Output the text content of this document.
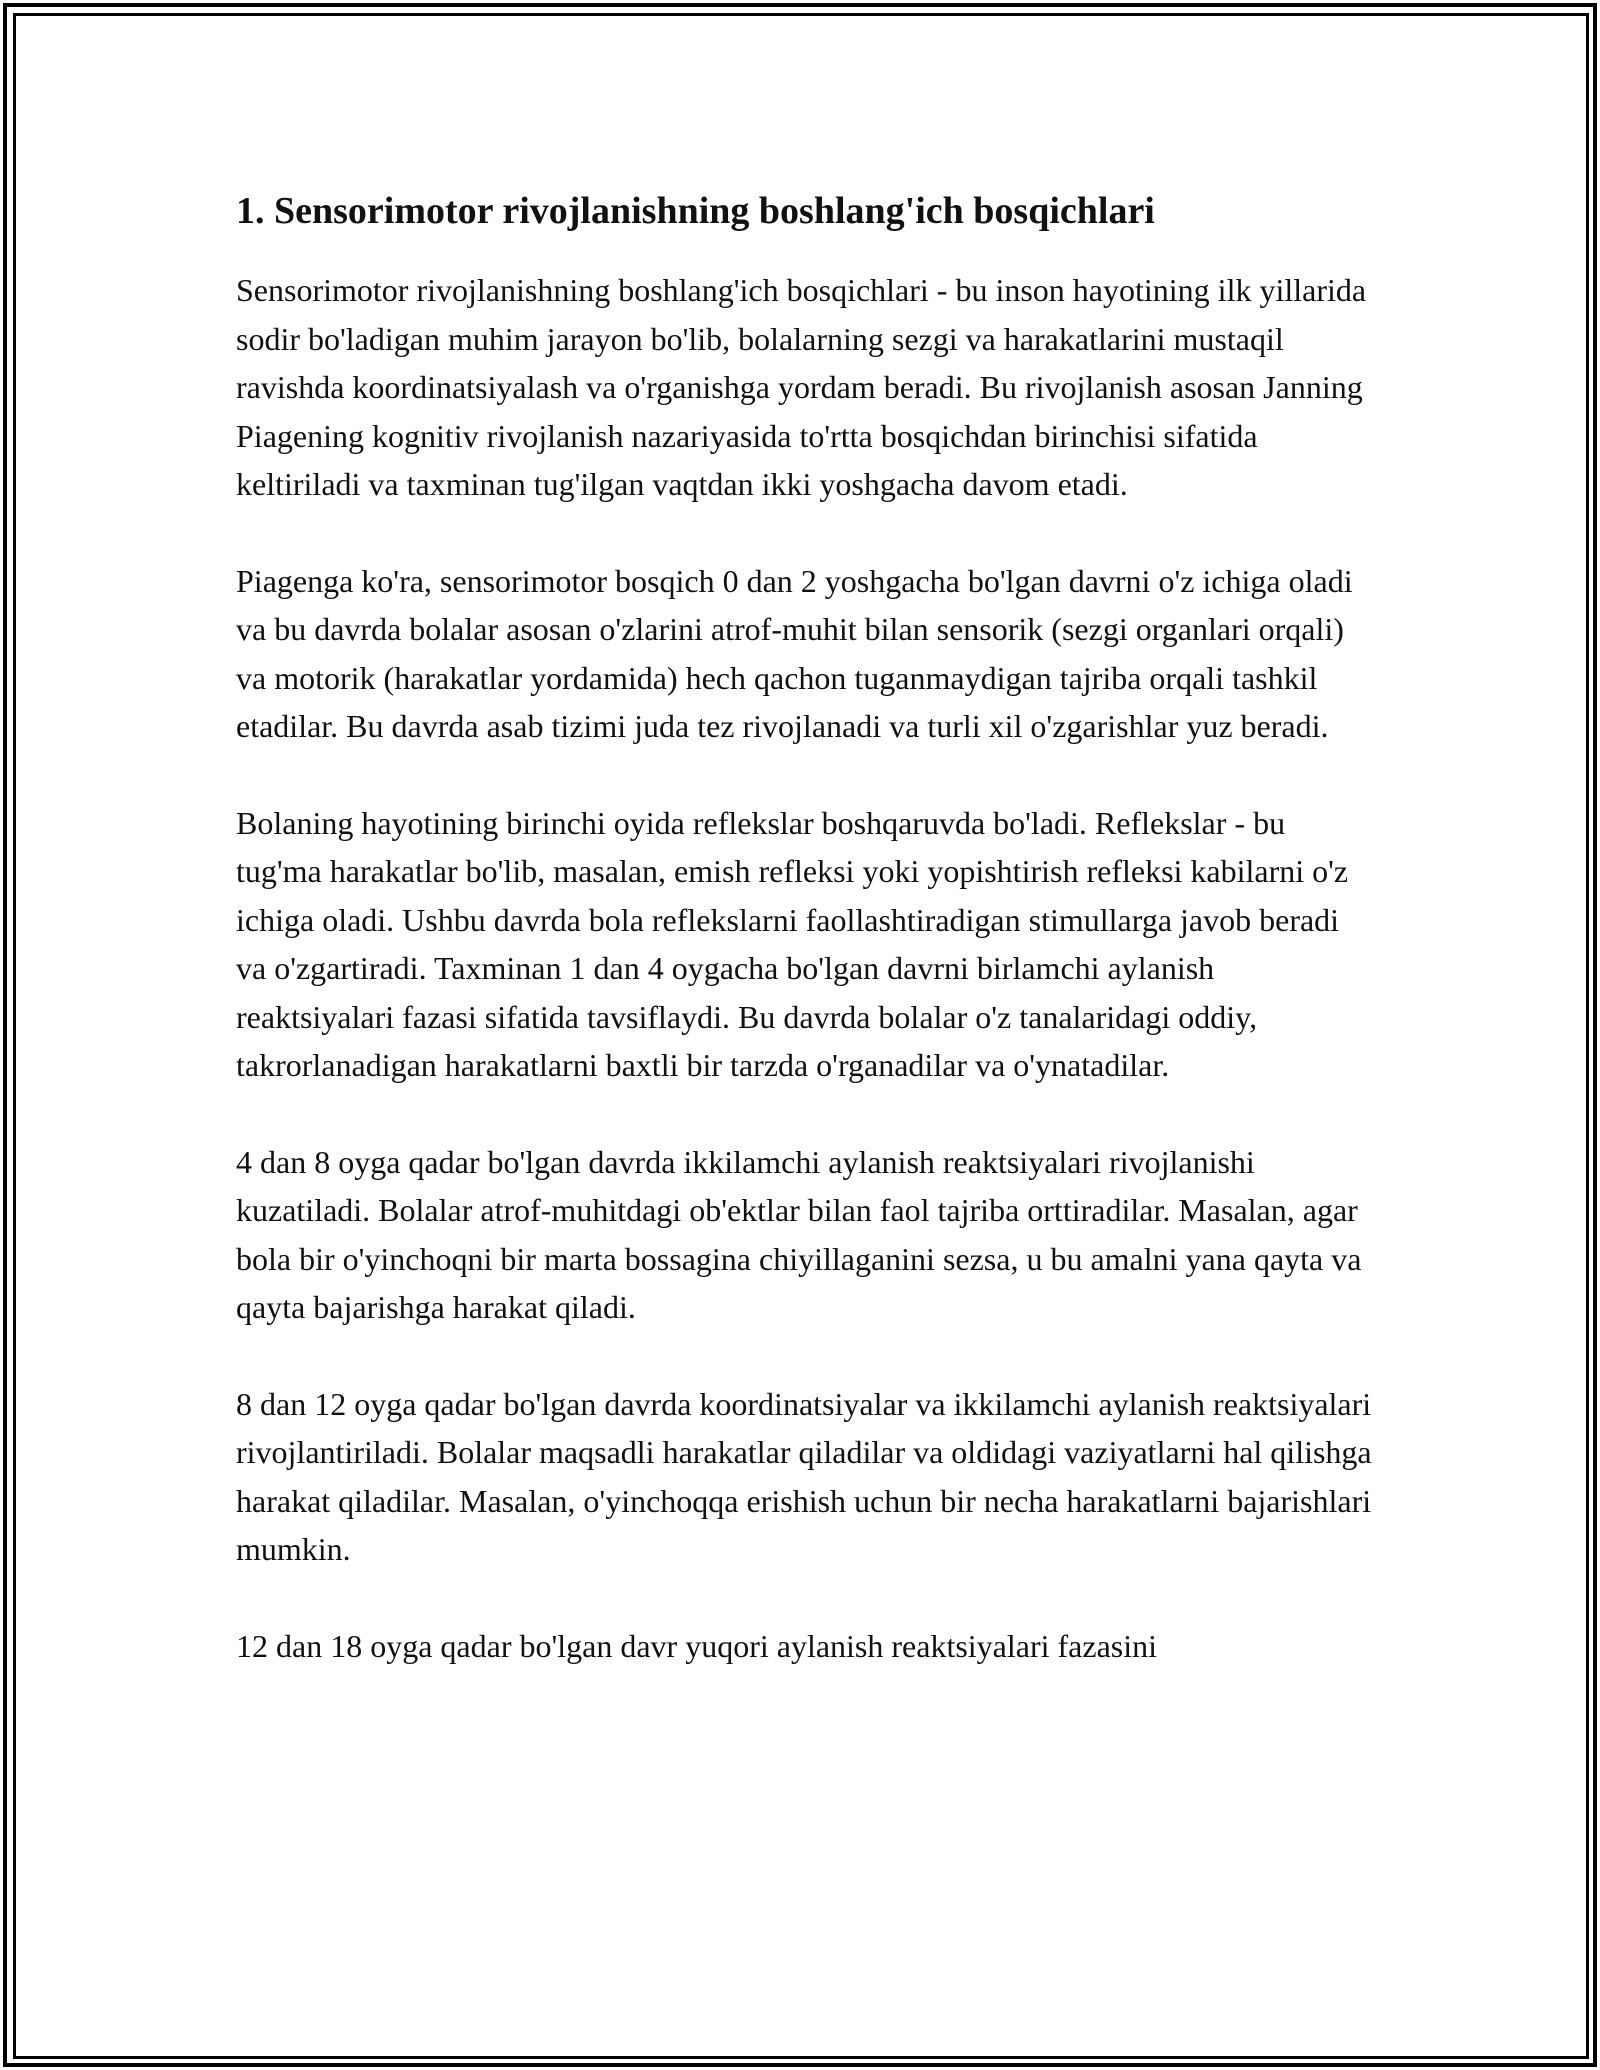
1. Sensorimotor rivojlanishning boshlang'ich bosqichlari

Sensorimotor rivojlanishning boshlang'ich bosqichlari - bu inson hayotining ilk yillarida sodir bo'ladigan muhim jarayon bo'lib, bolalarning sezgi va harakatlarini mustaqil ravishda koordinatsiyalash va o'rganishga yordam beradi. Bu rivojlanish asosan Janning Piagening kognitiv rivojlanish nazariyasida to'rtta bosqichdan birinchisi sifatida keltiriladi va taxminan tug'ilgan vaqtdan ikki yoshgacha davom etadi.

Piagenga ko'ra, sensorimotor bosqich 0 dan 2 yoshgacha bo'lgan davrni o'z ichiga oladi va bu davrda bolalar asosan o'zlarini atrof-muhit bilan sensorik (sezgi organlari orqali) va motorik (harakatlar yordamida) hech qachon tuganmaydigan tajriba orqali tashkil etadilar. Bu davrda asab tizimi juda tez rivojlanadi va turli xil o'zgarishlar yuz beradi.

Bolaning hayotining birinchi oyida reflekslar boshqaruvda bo'ladi. Reflekslar - bu tug'ma harakatlar bo'lib, masalan, emish refleksi yoki yopishtirish refleksi kabilarni o'z ichiga oladi. Ushbu davrda bola reflekslarni faollashtiradigan stimullarga javob beradi va o'zgartiradi. Taxminan 1 dan 4 oygacha bo'lgan davrni birlamchi aylanish reaktsiyalari fazasi sifatida tavsiflaydi. Bu davrda bolalar o'z tanalaridagi oddiy, takrorlanadigan harakatlarni baxtli bir tarzda o'rganadilar va o'ynatadilar.

4 dan 8 oyga qadar bo'lgan davrda ikkilamchi aylanish reaktsiyalari rivojlanishi kuzatiladi. Bolalar atrof-muhitdagi ob'ektlar bilan faol tajriba orttiradilar. Masalan, agar bola bir o'yinchoqni bir marta bossagina chiyillaganini sezsa, u bu amalni yana qayta va qayta bajarishga harakat qiladi.

8 dan 12 oyga qadar bo'lgan davrda koordinatsiyalar va ikkilamchi aylanish reaktsiyalari rivojlantiriladi. Bolalar maqsadli harakatlar qiladilar va oldidagi vaziyatlarni hal qilishga harakat qiladilar. Masalan, o'yinchoqqa erishish uchun bir necha harakatlarni bajarishlari mumkin.

12 dan 18 oyga qadar bo'lgan davr yuqori aylanish reaktsiyalari fazasini
